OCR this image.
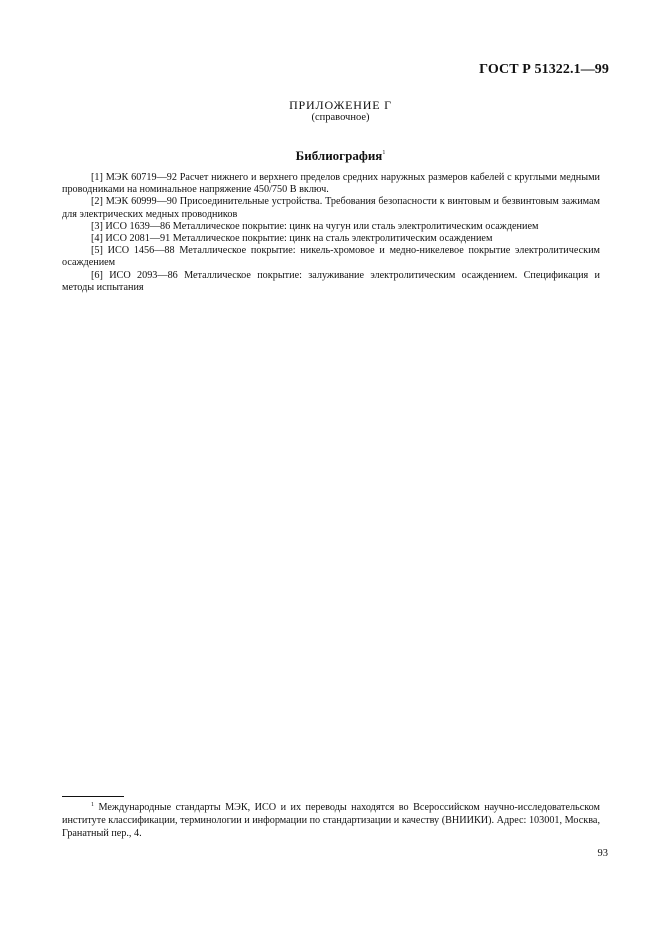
ГОСТ Р 51322.1—99
ПРИЛОЖЕНИЕ Г
(справочное)
Библиография$^1$

[1] МЭК 60719—92 Расчет нижнего и верхнего пределов средних наружных размеров кабелей с круглыми медными проводниками на номинальное напряжение 450/750 В включ.

[2] МЭК 60999—90 Присоединительные устройства. Требования безопасности к винтовым и безвинтовым зажимам для электрических медных проводников

[3] ИСО 1639—86 Металлическое покрытие: цинк на чугун или сталь электролитическим осаждением

[4] ИСО 2081—91 Металлическое покрытие: цинк на сталь электролитическим осаждением

[5] ИСО 1456—88 Металлическое покрытие: никель-хромовое и медно-никелевое покрытие электролитическим осаждением

[6] ИСО 2093—86 Металлическое покрытие: залуживание электролитическим осаждением. Спецификация и методы испытания

$^1$ Международные стандарты МЭК, ИСО и их переводы находятся во Всероссийском научно-исследовательском институте классификации, терминологии и информации по стандартизации и качеству (ВНИИКИ). Адрес: 103001, Москва, Гранатный пер., 4.
93
